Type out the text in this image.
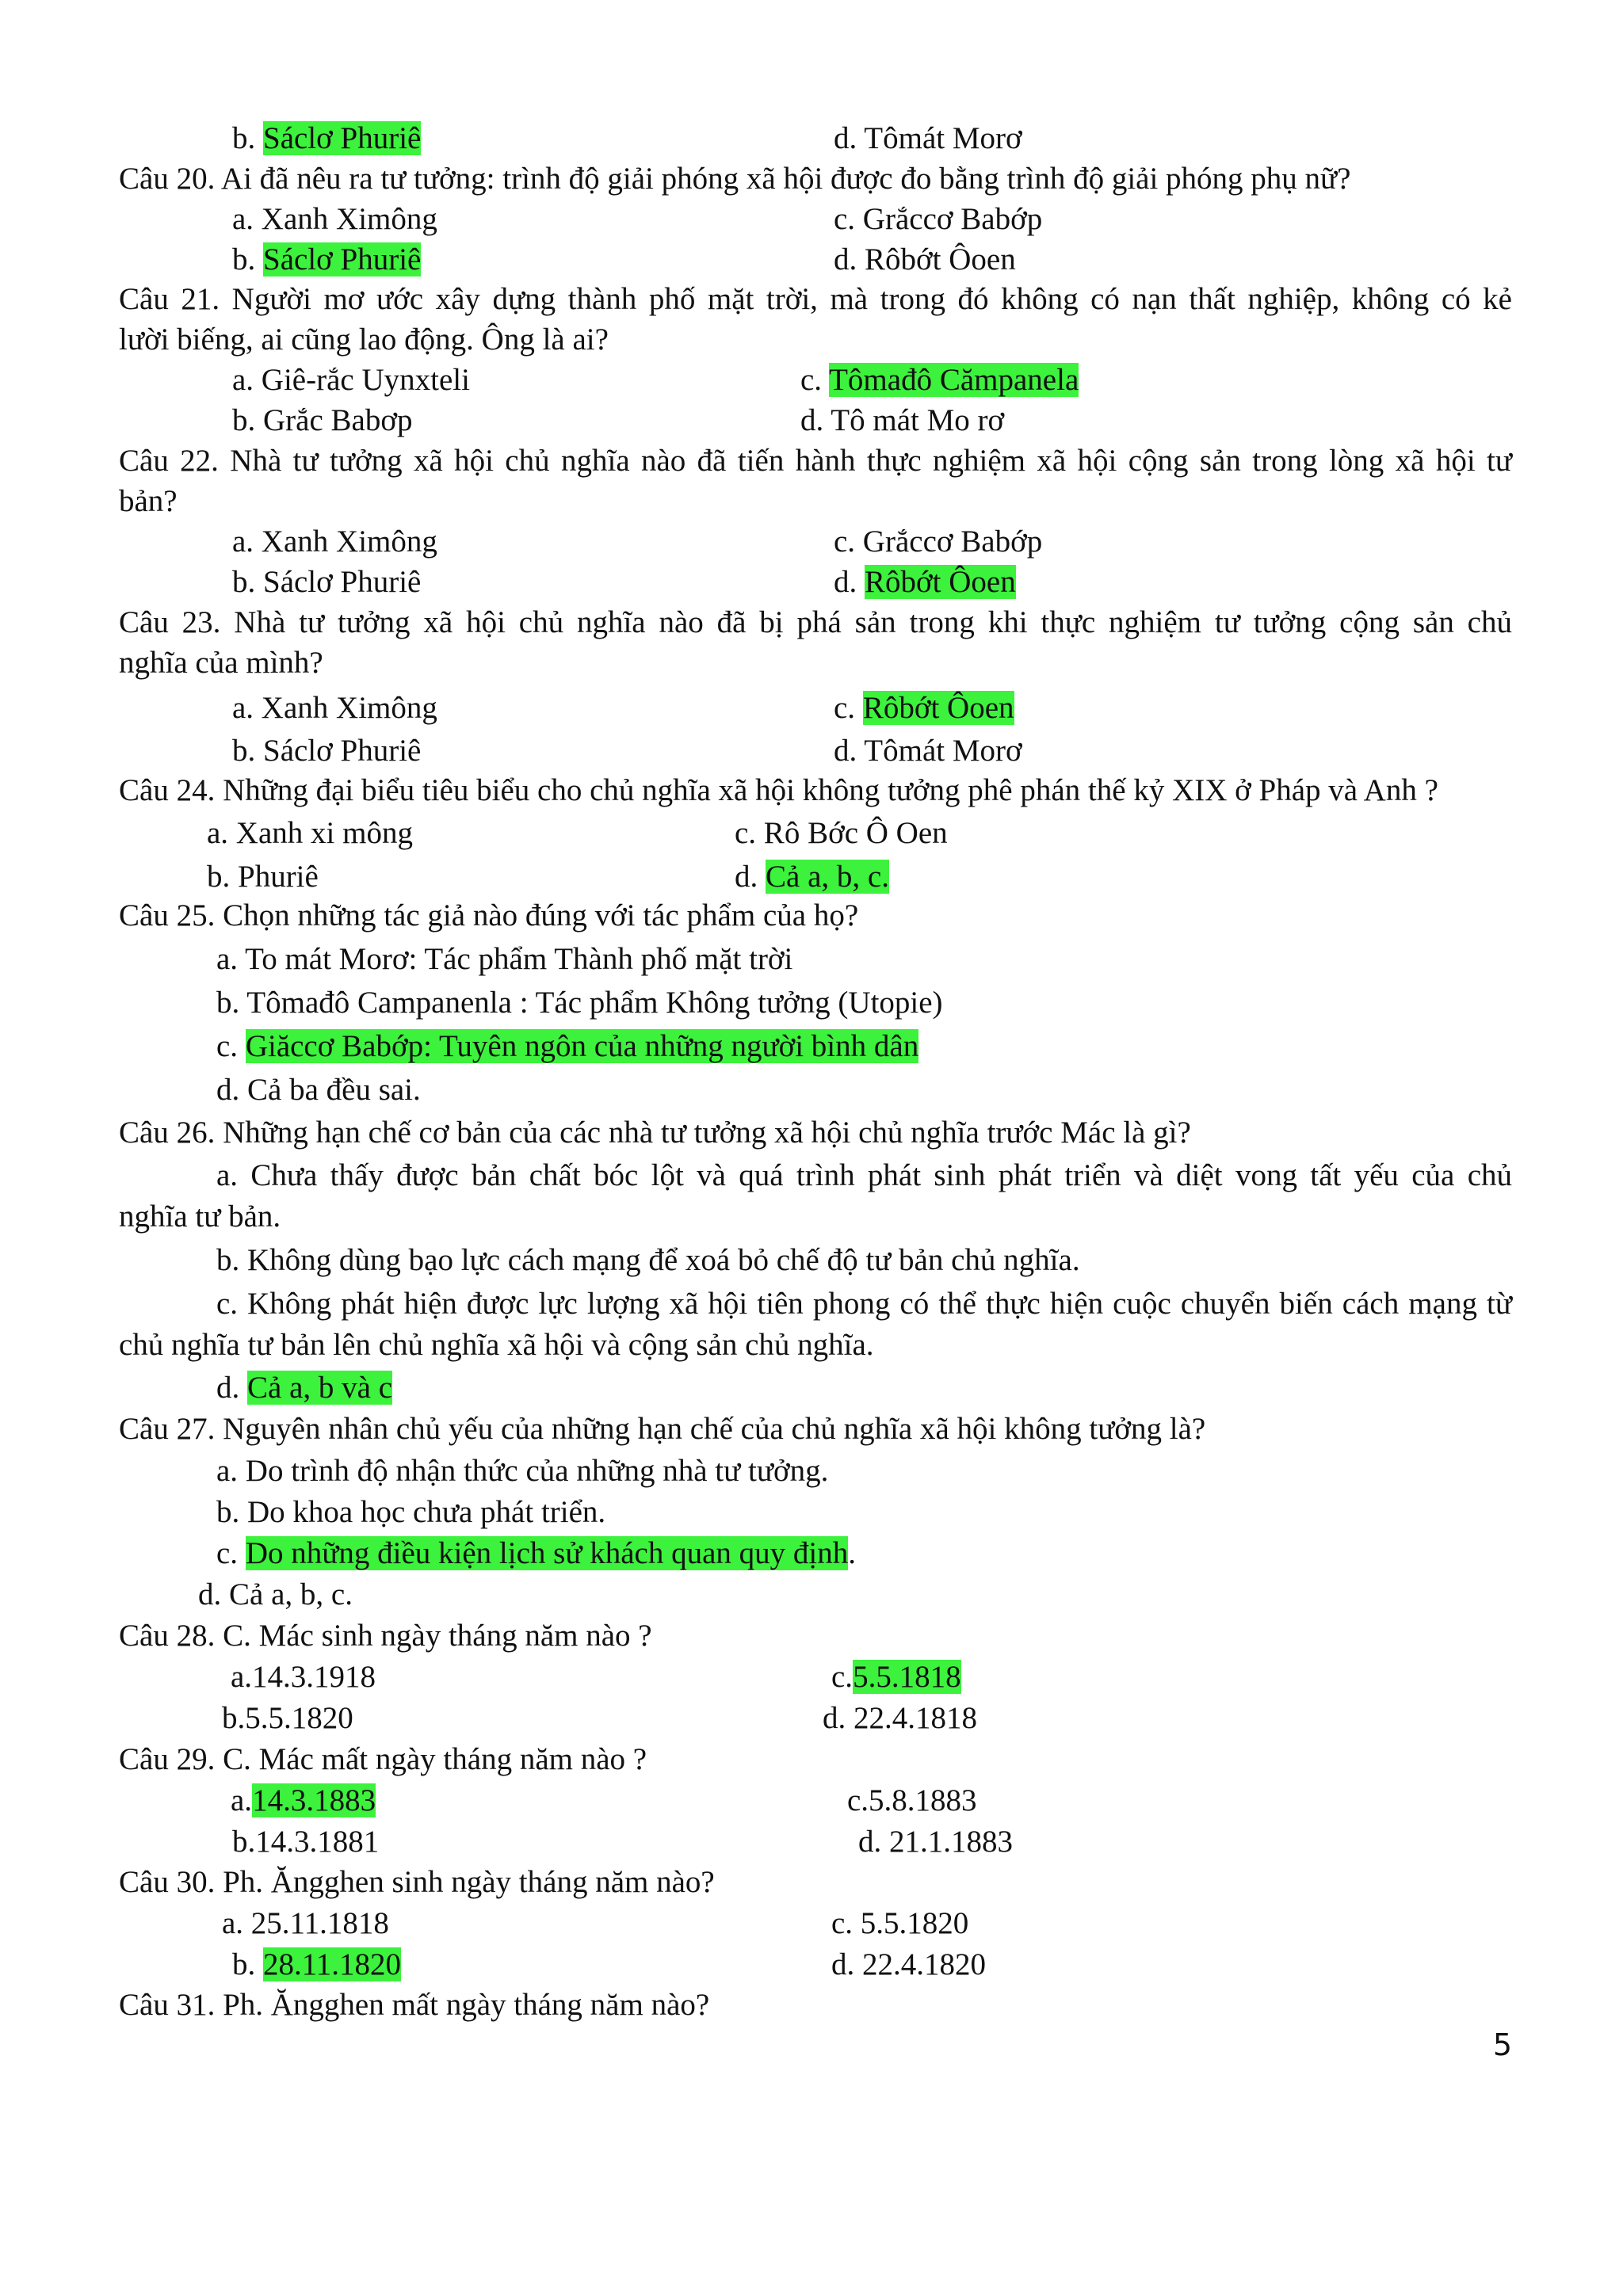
b. Sáclơ Phuriê	d. Tômát Morơ
Câu 20. Ai đã nêu ra tư tưởng: trình độ giải phóng xã hội được đo bằng trình độ giải phóng phụ nữ?
a. Xanh Ximông	c. Grắccơ Babớp
b. Sáclơ Phuriê	d. Rôbớt Ôoen
Câu 21. Người mơ ước xây dựng thành phố mặt trời, mà trong đó không có nạn thất nghiệp, không có kẻ
lười biếng, ai cũng lao động. Ông là ai?
a. Giê-rắc Uynxteli	c. Tômađô Cămpanela
b. Grắc Babơp	d. Tô mát Mo rơ
Câu 22. Nhà tư tưởng xã hội chủ nghĩa nào đã tiến hành thực nghiệm xã hội cộng sản trong lòng xã hội tư
bản?
a. Xanh Ximông	c. Grắccơ Babớp
b. Sáclơ Phuriê	d. Rôbớt Ôoen
Câu 23. Nhà tư tưởng xã hội chủ nghĩa nào đã bị phá sản trong khi thực nghiệm tư tưởng cộng sản chủ
nghĩa của mình?
a. Xanh Ximông	c. Rôbớt Ôoen
b. Sáclơ Phuriê	d. Tômát Morơ
Câu 24. Những đại biểu tiêu biểu cho chủ nghĩa xã hội không tưởng phê phán thế kỷ XIX ở Pháp và Anh ?
a. Xanh xi mông	c. Rô Bớc Ô Oen
b. Phuriê	d. Cả a, b, c.
Câu 25. Chọn những tác giả nào đúng với tác phẩm của họ?
a. To mát Morơ: Tác phẩm Thành phố mặt trời
b. Tômađô Campanenla : Tác phẩm Không tưởng (Utopie)
c. Giăccơ Babớp: Tuyên ngôn của những người bình dân
d. Cả ba đều sai.
Câu 26. Những hạn chế cơ bản của các nhà tư tưởng xã hội chủ nghĩa trước Mác là gì?
a. Chưa thấy được bản chất bóc lột và quá trình phát sinh phát triển và diệt vong tất yếu của chủ
nghĩa tư bản.
b. Không dùng bạo lực cách mạng để xoá bỏ chế độ tư bản chủ nghĩa.
c. Không phát hiện được lực lượng xã hội tiên phong có thể thực hiện cuộc chuyển biến cách mạng từ
chủ nghĩa tư bản lên chủ nghĩa xã hội và cộng sản chủ nghĩa.
d. Cả a, b và c
Câu 27. Nguyên nhân chủ yếu của những hạn chế của chủ nghĩa xã hội không tưởng là?
a. Do trình độ nhận thức của những nhà tư tưởng.
b. Do khoa học chưa phát triển.
c. Do những điều kiện lịch sử khách quan quy định.
d. Cả a, b, c.
Câu 28. C. Mác sinh ngày tháng năm nào ?
a.14.3.1918	c.5.5.1818
b.5.5.1820	d. 22.4.1818
Câu 29. C. Mác mất ngày tháng năm nào ?
a.14.3.1883	c.5.8.1883
b.14.3.1881	d. 21.1.1883
Câu 30. Ph. Ăngghen sinh ngày tháng năm nào?
a. 25.11.1818	c. 5.5.1820
b. 28.11.1820	d. 22.4.1820
Câu 31. Ph. Ăngghen mất ngày tháng năm nào?
5
